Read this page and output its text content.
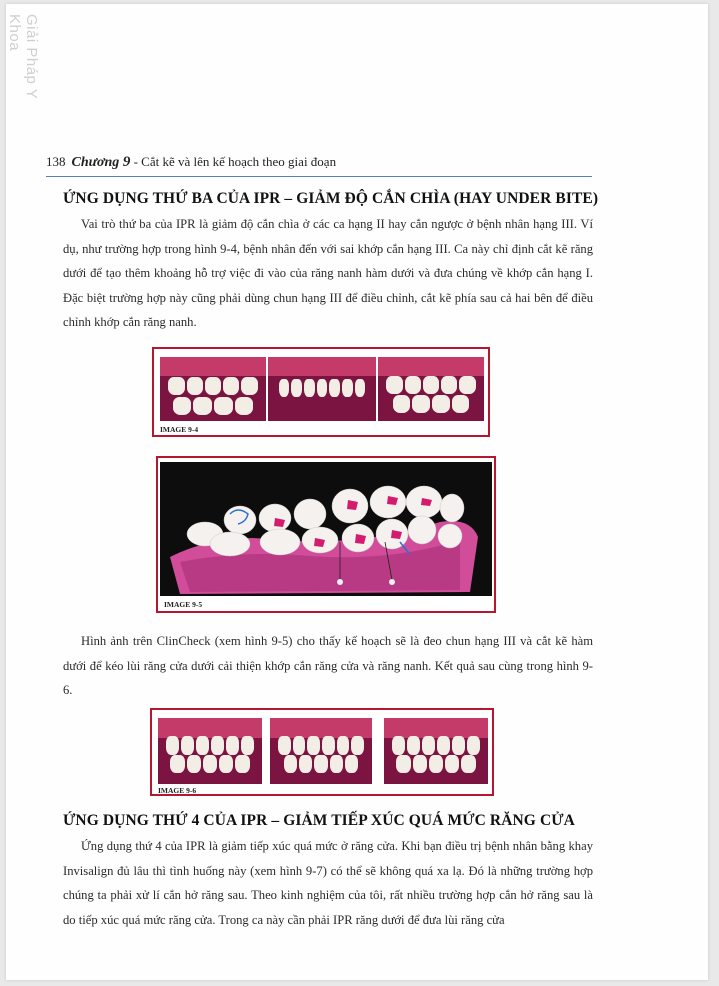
Giải Pháp Y Khoa
138 Chương 9 - Cắt kẽ và lên kế hoạch theo giai đoạn
ỨNG DỤNG THỨ BA CỦA IPR – GIẢM ĐỘ CẮN CHÌA (HAY UNDER BITE)

Vai trò thứ ba của IPR là giảm độ cắn chìa ở các ca hạng II hay cắn ngược ở bệnh nhân hạng III. Ví dụ, như trường hợp trong hình 9-4, bệnh nhân đến với sai khớp cắn hạng III. Ca này chỉ định cắt kẽ răng dưới để tạo thêm khoảng hỗ trợ việc đi vào của răng nanh hàm dưới và đưa chúng về khớp cắn hạng I. Đặc biệt trường hợp này cũng phải dùng chun hạng III để điều chỉnh, cắt kẽ phía sau cả hai bên để điều chỉnh khớp cắn răng nanh.

IMAGE 9-4
IMAGE 9-5

Hình ảnh trên ClinCheck (xem hình 9-5) cho thấy kế hoạch sẽ là đeo chun hạng III và cắt kẽ hàm dưới để kéo lùi răng cửa dưới cải thiện khớp cắn răng cửa và răng nanh. Kết quả sau cùng trong hình 9-6.

IMAGE 9-6
ỨNG DỤNG THỨ 4 CỦA IPR – GIẢM TIẾP XÚC QUÁ MỨC RĂNG CỬA

Ứng dụng thứ 4 của IPR là giảm tiếp xúc quá mức ở răng cửa. Khi bạn điều trị bệnh nhân bằng khay Invisalign đủ lâu thì tình huống này (xem hình 9-7) có thể sẽ không quá xa lạ. Đó là những trường hợp chúng ta phải xử lí cắn hở răng sau. Theo kinh nghiệm của tôi, rất nhiều trường hợp cắn hở răng sau là do tiếp xúc quá mức răng cửa. Trong ca này cần phải IPR răng dưới để đưa lùi răng cửa
